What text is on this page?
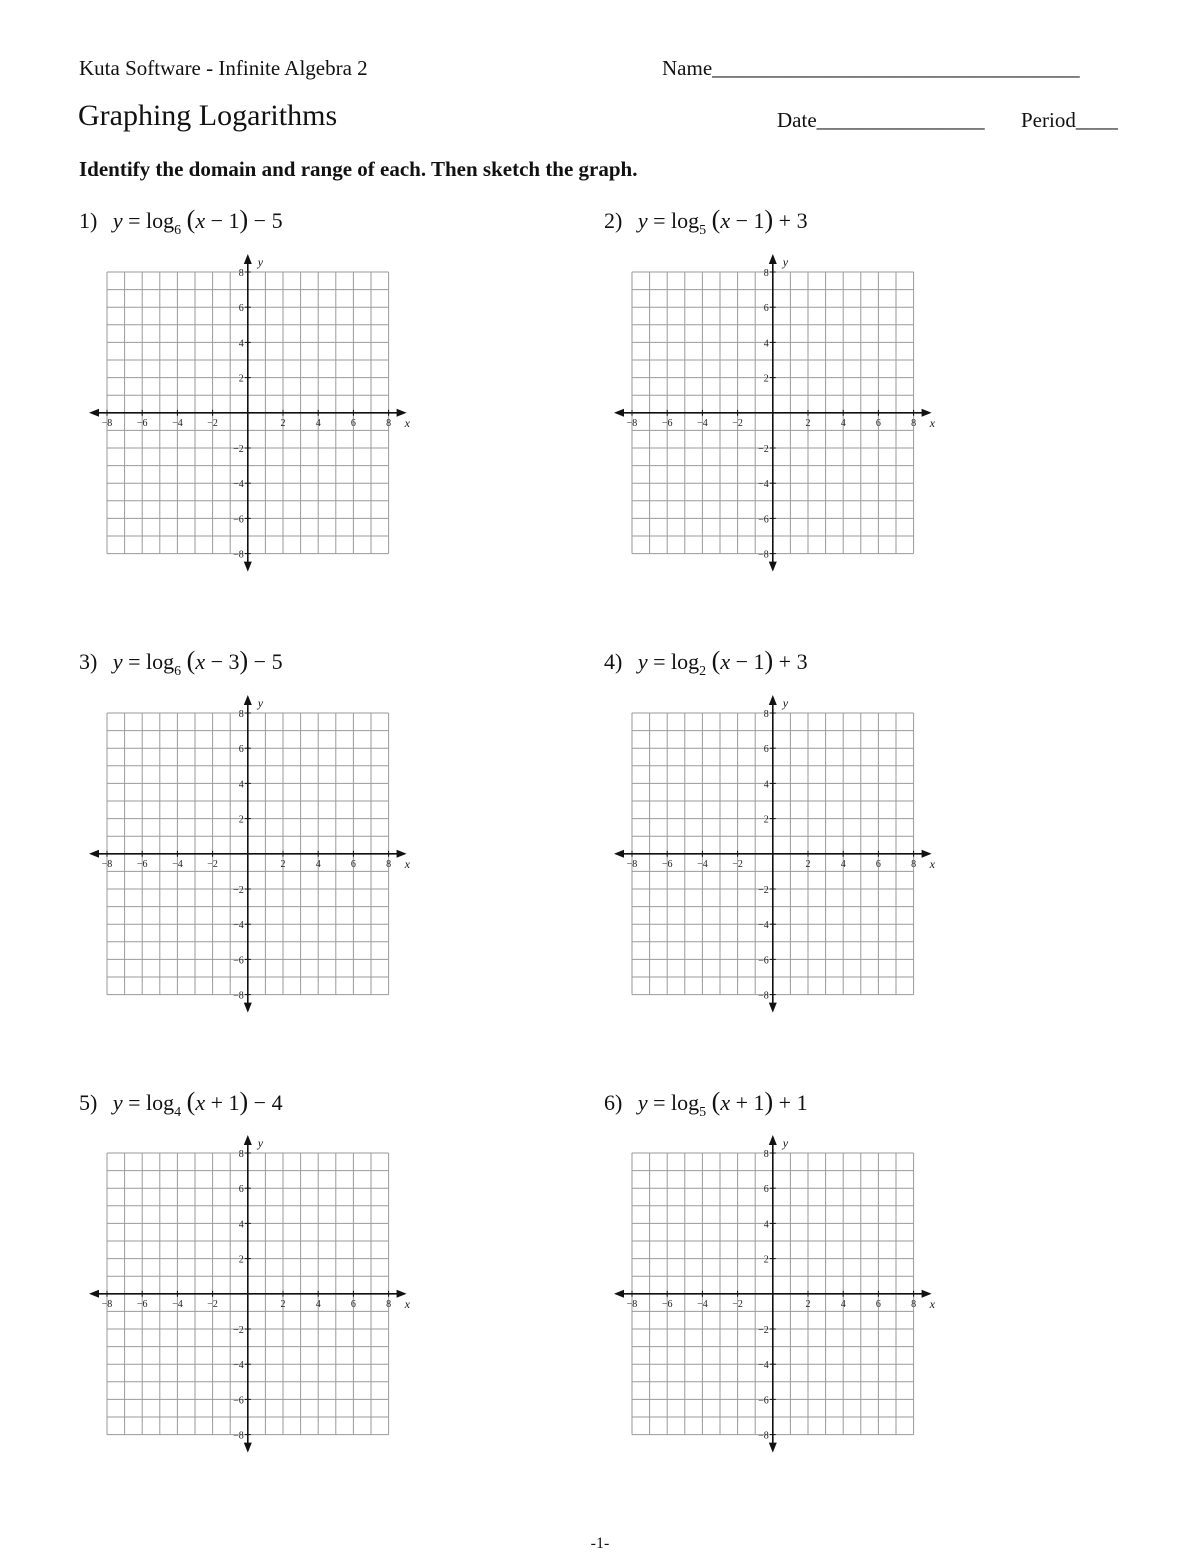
Kuta Software - Infinite Algebra 2	Name___________________________________
Graphing Logarithms	Date________________ Period____
Identify the domain and range of each. Then sketch the graph.
1) $y = \log_6 (x - 1) - 5$
x
y
−8 −6 −4 −2	2	4	6	8
8
6
4
2
−2
−4
−6
−8
2) $y = \log_5 (x - 1) + 3$
x
y
−8 −6 −4 −2	2	4	6	8
8
6
4
2
−2
−4
−6
−8
3) $y = \log_6 (x - 3) - 5$
x
y
−8 −6 −4 −2	2	4	6	8
8
6
4
2
−2
−4
−6
−8
4) $y = \log_2 (x - 1) + 3$
x
y
−8 −6 −4 −2	2	4	6	8
8
6
4
2
−2
−4
−6
−8
5) $y = \log_4 (x + 1) - 4$
x
y
−8 −6 −4 −2	2	4	6	8
8
6
4
2
−2
−4
−6
−8
6) $y = \log_5 (x + 1) + 1$
x
y
−8 −6 −4 −2	2	4	6	8
8
6
4
2
−2
−4
−6
−8
-1-
